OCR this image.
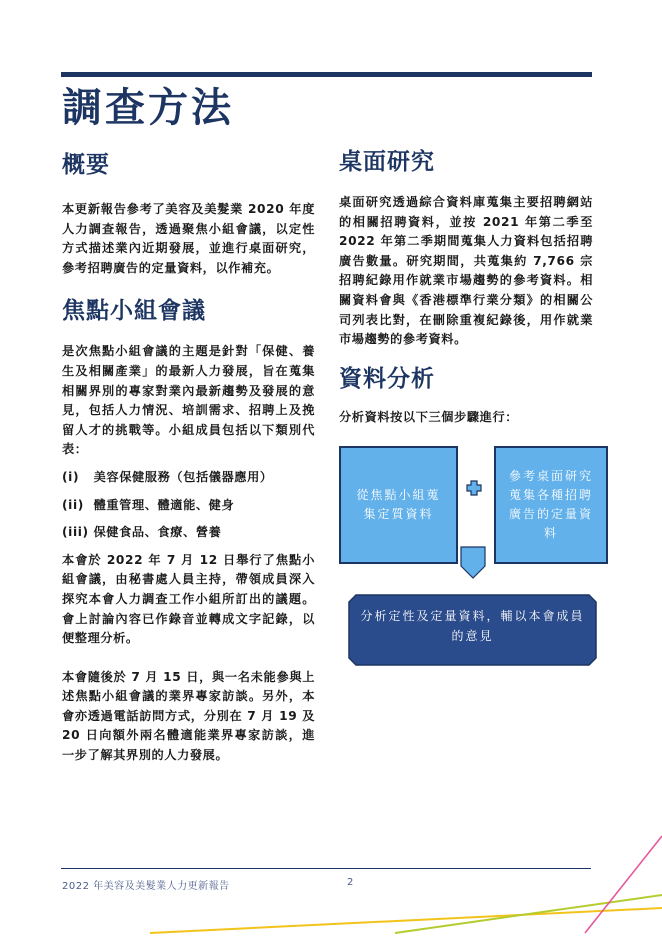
調查方法
概要

本更新報告參考了美容及美髮業 2020 年度人力調查報告，透過聚焦小組會議，以定性方式描述業內近期發展，並進行桌面研究，參考招聘廣告的定量資料，以作補充。

焦點小組會議

是次焦點小組會議的主題是針對「保健、養生及相關產業」的最新人力發展，旨在蒐集相關界別的專家對業內最新趨勢及發展的意見，包括人力情況、培訓需求、招聘上及挽留人才的挑戰等。小組成員包括以下類別代表：

(i)   美容保健服務（包括儀器應用）
(ii)  體重管理、體適能、健身
(iii) 保健食品、食療、營養

本會於 2022 年 7 月 12 日舉行了焦點小組會議，由秘書處人員主持，帶領成員深入探究本會人力調查工作小組所訂出的議題。會上討論內容已作錄音並轉成文字記錄，以便整理分析。

本會隨後於 7 月 15 日，與一名未能參與上述焦點小組會議的業界專家訪談。另外，本會亦透過電話訪問方式，分別在 7 月 19 及 20 日向額外兩名體適能業界專家訪談，進一步了解其界別的人力發展。

桌面研究

桌面研究透過綜合資料庫蒐集主要招聘網站的相關招聘資料，並按 2021 年第二季至 2022 年第二季期間蒐集人力資料包括招聘廣告數量。研究期間，共蒐集約 7,766 宗招聘紀錄用作就業市場趨勢的參考資料。相關資料會與《香港標準行業分類》的相關公司列表比對，在刪除重複紀錄後，用作就業市場趨勢的參考資料。

資料分析

分析資料按以下三個步驟進行：

從焦點小組蒐集定質資料
參考桌面研究蒐集各種招聘廣告的定量資料
分析定性及定量資料，輔以本會成員的意見
2022 年美容及美髮業人力更新報告	2
